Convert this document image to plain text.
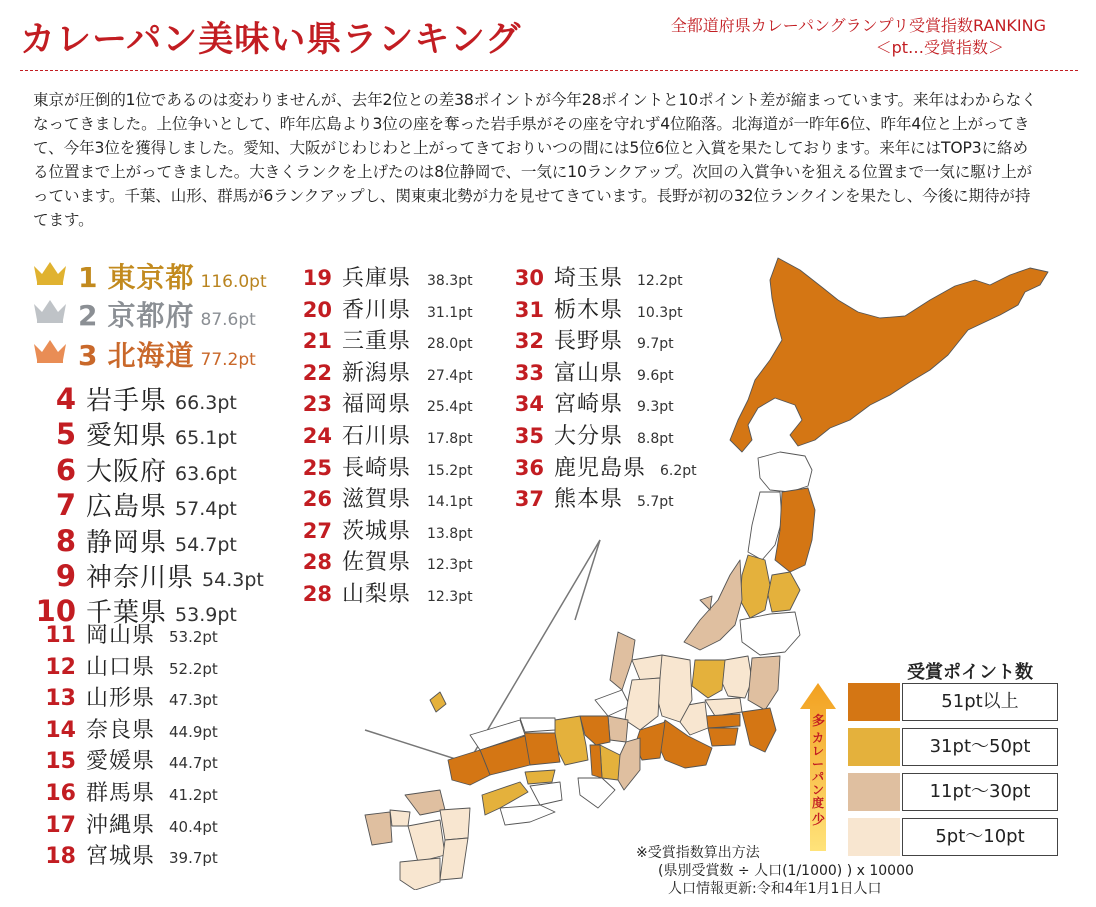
カレーパン美味い県ランキング	全都道府県カレーパングランプリ受賞指数RANKING
＜pt…受賞指数＞
東京が圧倒的1位であるのは変わりませんが、去年2位との差38ポイントが今年28ポイントと10ポイント差が縮まっています。来年はわからなくなってきました。上位争いとして、昨年広島より3位の座を奪った岩手県がその座を守れず4位陥落。北海道が一昨年6位、昨年4位と上がってきて、今年3位を獲得しました。愛知、大阪がじわじわと上がってきておりいつの間には5位6位と入賞を果たしております。来年にはTOP3に絡める位置まで上がってきました。大きくランクを上げたのは8位静岡で、一気に10ランクアップ。次回の入賞争いを狙える位置まで一気に駆け上がっています。千葉、山形、群馬が6ランクアップし、関東東北勢が力を見せてきています。長野が初の32位ランクインを果たし、今後に期待が持てます。
1 東京都 116.0pt
2 京都府 87.6pt
3 北海道 77.2pt
4 岩手県 66.3pt
5 愛知県 65.1pt
6 大阪府 63.6pt
7 広島県 57.4pt
8 静岡県 54.7pt
9 神奈川県 54.3pt
10 千葉県 53.9pt
11 岡山県 53.2pt
12 山口県 52.2pt
13 山形県 47.3pt
14 奈良県 44.9pt
15 愛媛県 44.7pt
16 群馬県 41.2pt
17 沖縄県 40.4pt
18 宮城県 39.7pt
19 兵庫県 38.3pt
20 香川県 31.1pt
21 三重県 28.0pt
22 新潟県 27.4pt
23 福岡県 25.4pt
24 石川県 17.8pt
25 長崎県 15.2pt
26 滋賀県 14.1pt
27 茨城県 13.8pt
28 佐賀県 12.3pt
28 山梨県 12.3pt
30 埼玉県 12.2pt
31 栃木県 10.3pt
32 長野県 9.7pt
33 富山県 9.6pt
34 宮崎県 9.3pt
35 大分県 8.8pt
36 鹿児島県 6.2pt
37 熊本県 5.7pt
受賞ポイント数
多
カレーパン度
少
51pt以上
31pt〜50pt
11pt〜30pt
5pt〜10pt
※受賞指数算出方法
(県別受賞数 ÷ 人口(1/1000) ) x 10000
人口情報更新:令和4年1月1日人口
